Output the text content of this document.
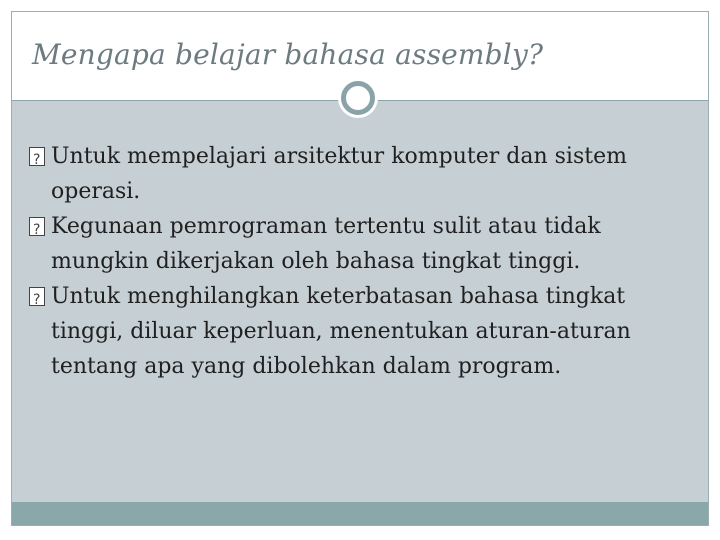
Mengapa belajar bahasa assembly?
?
Untuk mempelajari arsitektur komputer dan sistem operasi.
?
Kegunaan pemrograman tertentu sulit atau tidak mungkin dikerjakan oleh bahasa tingkat tinggi.
?
Untuk menghilangkan keterbatasan bahasa tingkat tinggi, diluar keperluan, menentukan aturan-aturan tentang apa yang dibolehkan dalam program.
